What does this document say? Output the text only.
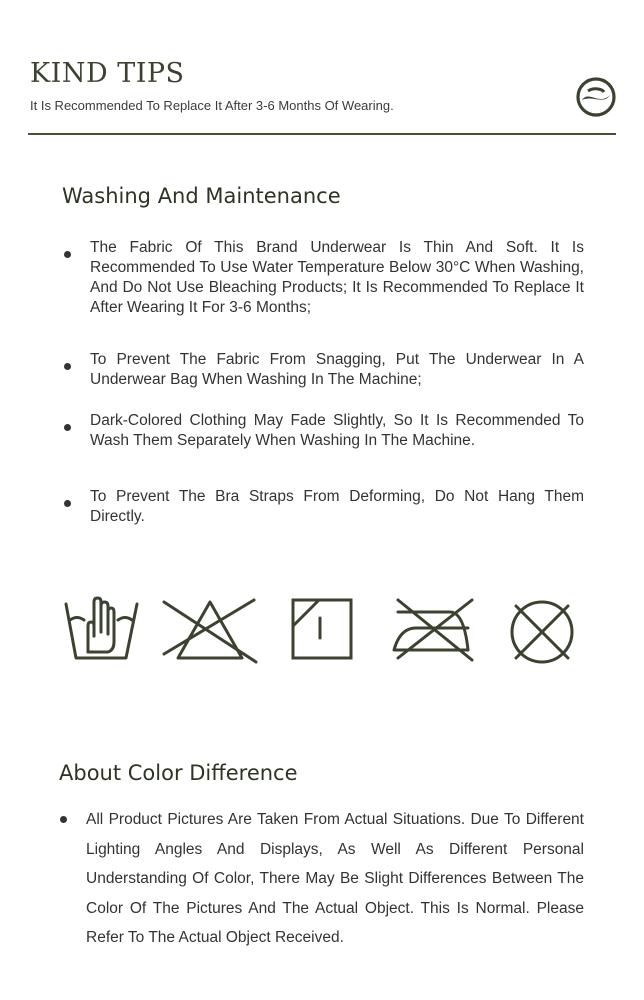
KIND TIPS
It Is Recommended To Replace It After 3-6 Months Of Wearing.
Washing And Maintenance
The Fabric Of This Brand Underwear Is Thin And Soft. It Is Recommended To Use Water Temperature Below 30°C When Washing, And Do Not Use Bleaching Products; It Is Recommended To Replace It After Wearing It For 3-6 Months;
To Prevent The Fabric From Snagging, Put The Underwear In A Underwear Bag When Washing In The Machine;
Dark-Colored Clothing May Fade Slightly, So It Is Recommended To Wash Them Separately When Washing In The Machine.
To Prevent The Bra Straps From Deforming, Do Not Hang Them Directly.
About Color Difference
All Product Pictures Are Taken From Actual Situations. Due To Different Lighting Angles And Displays, As Well As Different Personal Understanding Of Color, There May Be Slight Differences Between The Color Of The Pictures And The Actual Object. This Is Normal. Please Refer To The Actual Object Received.
